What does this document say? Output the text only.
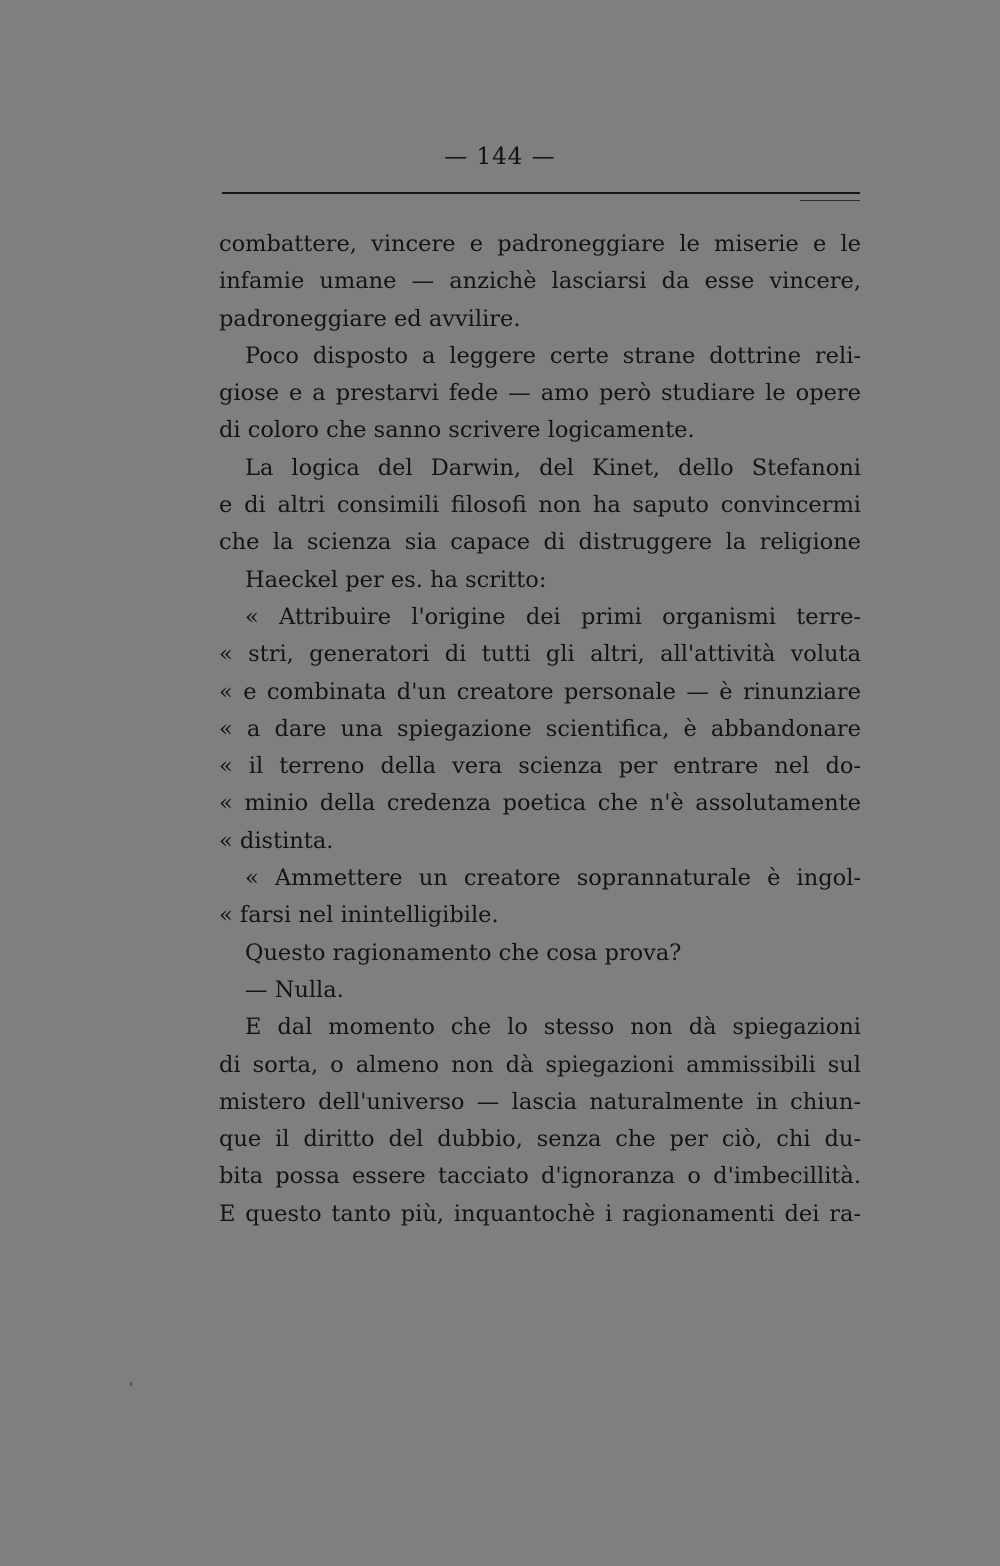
— 144 —
combattere, vincere e padroneggiare le miserie e le
infamie umane — anzichè lasciarsi da esse vincere,
padroneggiare ed avvilire.
Poco disposto a leggere certe strane dottrine reli-
giose e a prestarvi fede — amo però studiare le opere
di coloro che sanno scrivere logicamente.
La logica del Darwin, del Kinet, dello Stefanoni
e di altri consimili filosofi non ha saputo convincermi
che la scienza sia capace di distruggere la religione
Haeckel per es. ha scritto:
« Attribuire l'origine dei primi organismi terre-
« stri, generatori di tutti gli altri, all'attività voluta
« e combinata d'un creatore personale — è rinunziare
« a dare una spiegazione scientifica, è abbandonare
« il terreno della vera scienza per entrare nel do-
« minio della credenza poetica che n'è assolutamente
« distinta.
« Ammettere un creatore soprannaturale è ingol-
« farsi nel inintelligibile.
Questo ragionamento che cosa prova?
— Nulla.
E dal momento che lo stesso non dà spiegazioni
di sorta, o almeno non dà spiegazioni ammissibili sul
mistero dell'universo — lascia naturalmente in chiun-
que il diritto del dubbio, senza che per ciò, chi du-
bita possa essere tacciato d'ignoranza o d'imbecillità.
E questo tanto più, inquantochè i ragionamenti dei ra-
